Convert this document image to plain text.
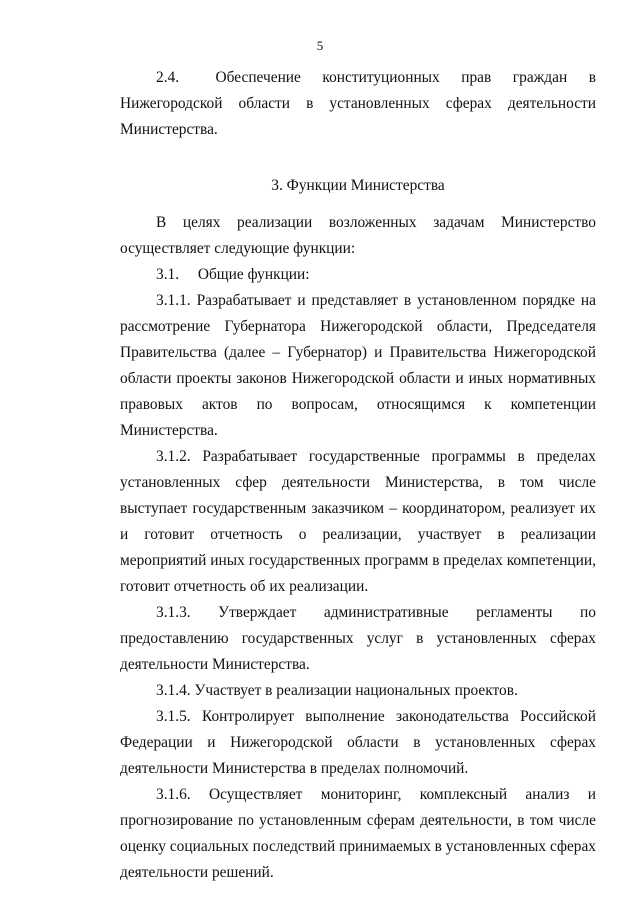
5

2.4. Обеспечение конституционных прав граждан в Нижегородской области в установленных сферах деятельности Министерства.

3. Функции Министерства

В целях реализации возложенных задачам Министерство осуществляет следующие функции:

3.1. Общие функции:

3.1.1. Разрабатывает и представляет в установленном порядке на рассмотрение Губернатора Нижегородской области, Председателя Правительства (далее – Губернатор) и Правительства Нижегородской области проекты законов Нижегородской области и иных нормативных правовых актов по вопросам, относящимся к компетенции Министерства.

3.1.2. Разрабатывает государственные программы в пределах установленных сфер деятельности Министерства, в том числе выступает государственным заказчиком – координатором, реализует их и готовит отчетность о реализации, участвует в реализации мероприятий иных государственных программ в пределах компетенции, готовит отчетность об их реализации.

3.1.3. Утверждает административные регламенты по предоставлению государственных услуг в установленных сферах деятельности Министерства.

3.1.4. Участвует в реализации национальных проектов.

3.1.5. Контролирует выполнение законодательства Российской Федерации и Нижегородской области в установленных сферах деятельности Министерства в пределах полномочий.

3.1.6. Осуществляет мониторинг, комплексный анализ и прогнозирование по установленным сферам деятельности, в том числе оценку социальных последствий принимаемых в установленных сферах деятельности решений.
